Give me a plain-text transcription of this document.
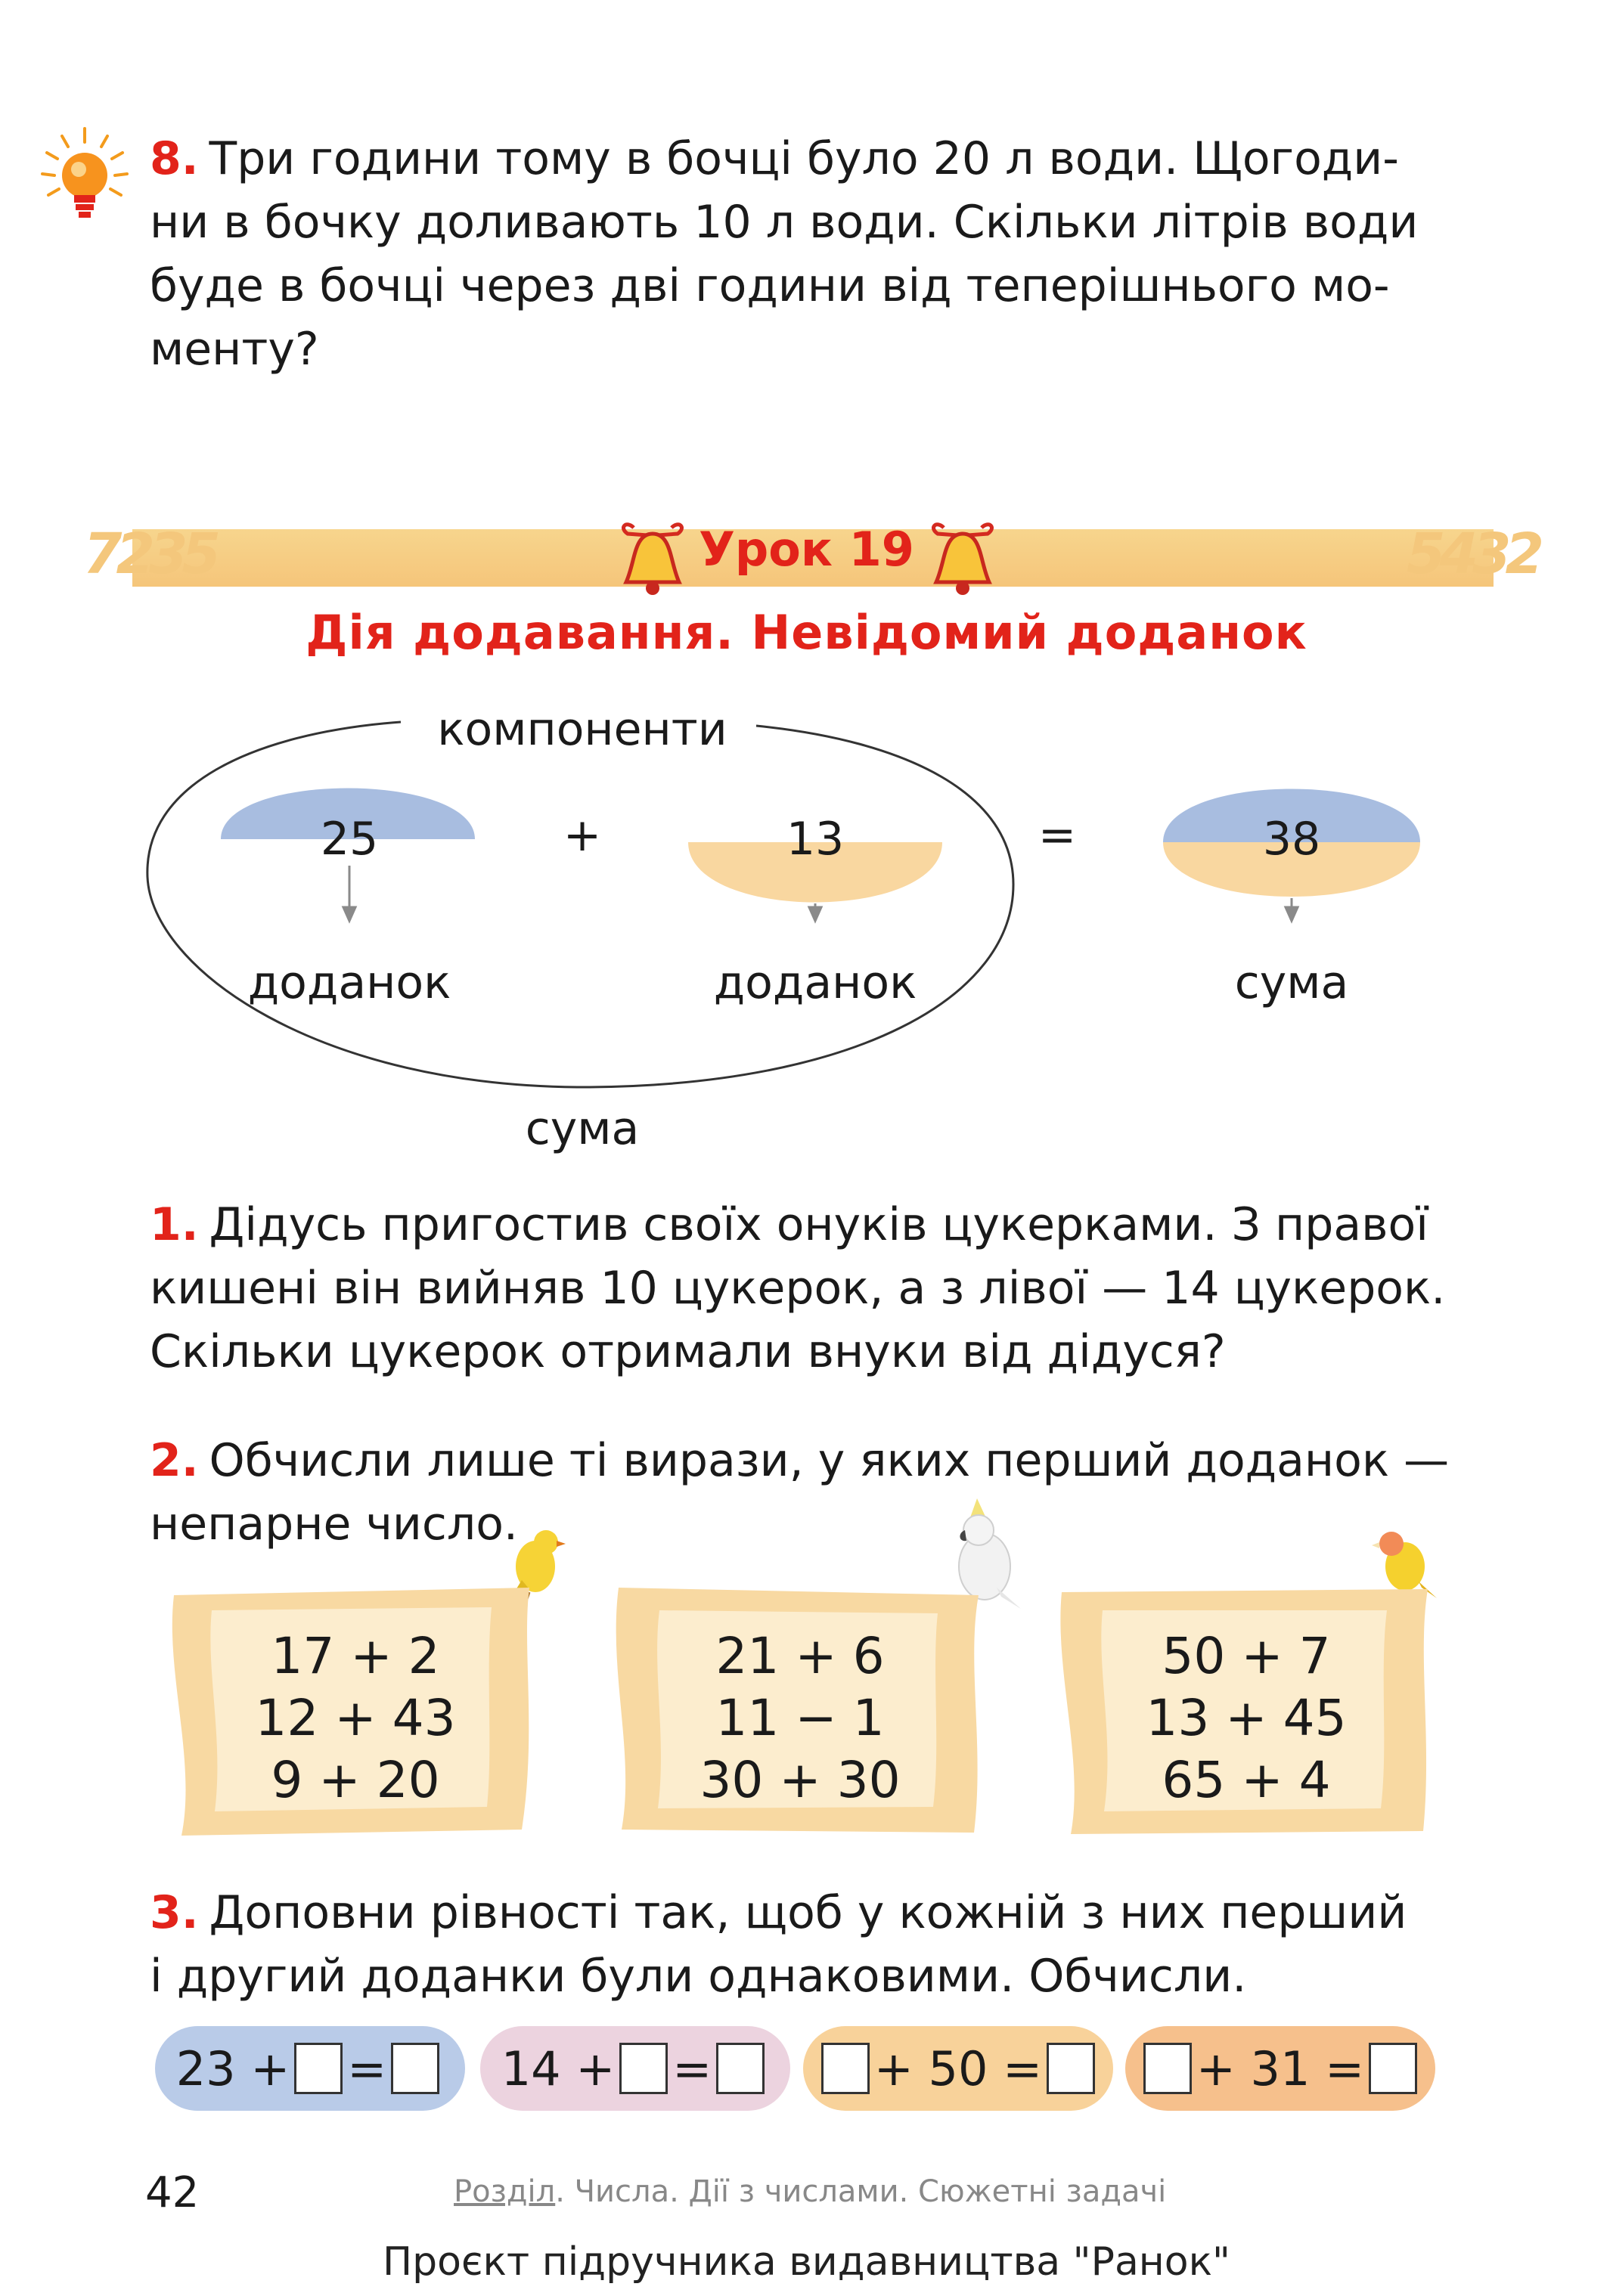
8. Три години тому в бочці було 20 л води. Щогоди-
ни в бочку доливають 10 л води. Скільки літрів води
буде в бочці через дві години від теперішнього мо-
менту?
7235	5432
Урок 19
Дія додавання. Невідомий доданок
компоненти
25	+	13	=	38
доданок	доданок	сума
сума
1. Дідусь пригостив своїх онуків цукерками. З правої
кишені він вийняв 10 цукерок, а з лівої — 14 цукерок.
Скільки цукерок отримали внуки від дідуся?
2. Обчисли лише ті вирази, у яких перший доданок —
непарне число.
17 + 2
12 + 43
9 + 20
21 + 6
11 − 1
30 + 30
50 + 7
13 + 45
65 + 4
3. Доповни рівності так, щоб у кожній з них перший
і другий доданки були однаковими. Обчисли.
23 + = 14 + =	+ 50 =	+ 31 =
42	Розділ. Числа. Дії з числами. Сюжетні задачі
Проєкт підручника видавництва "Ранок"
